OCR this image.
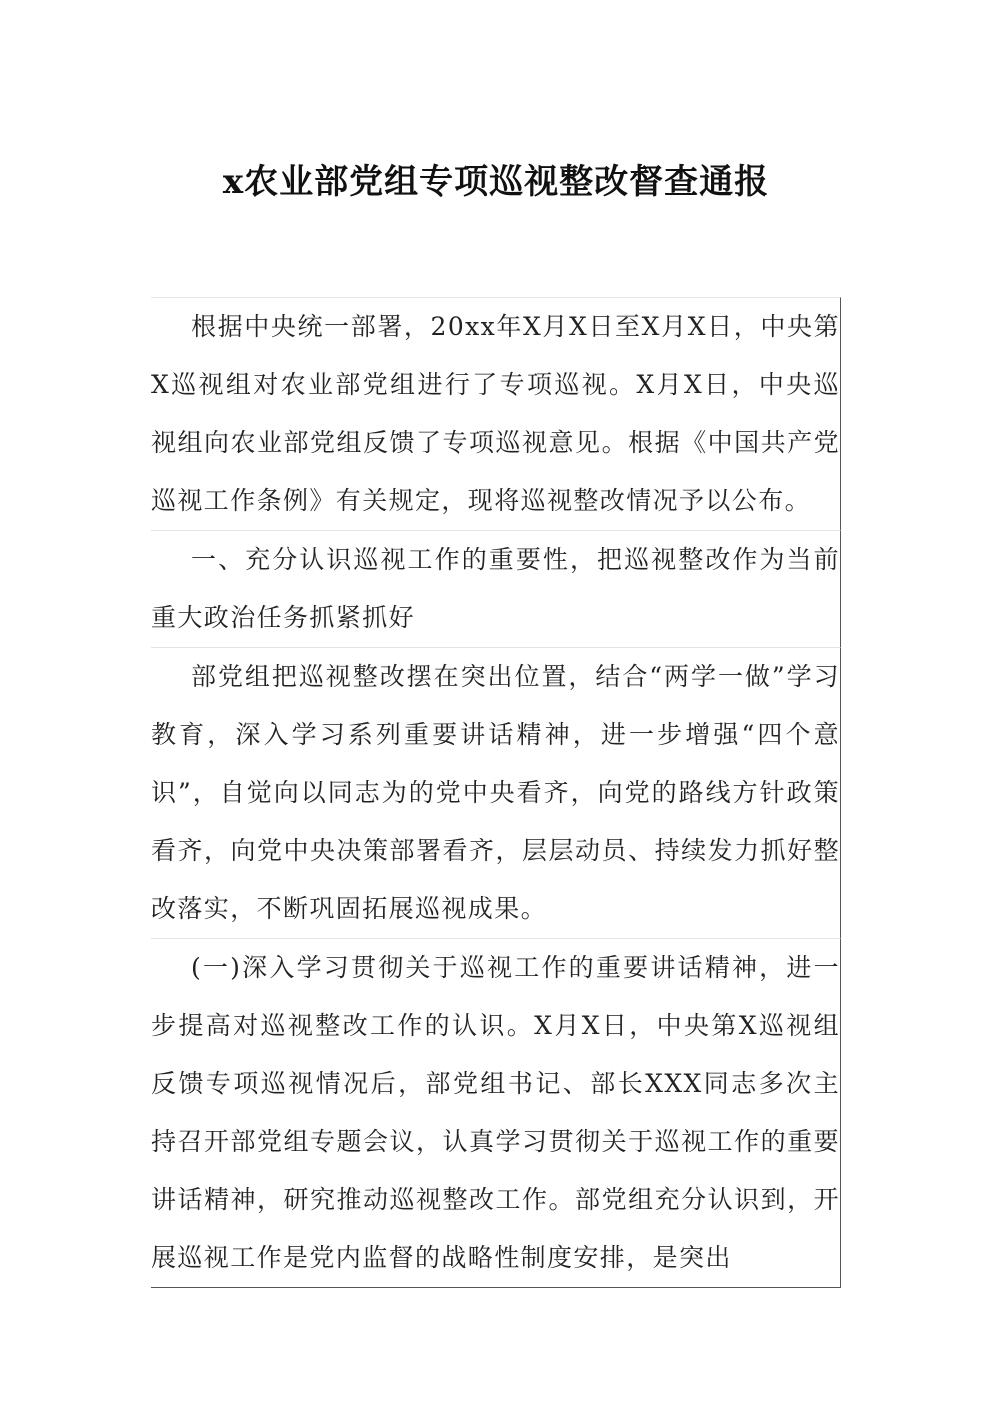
x农业部党组专项巡视整改督查通报

根据中央统一部署，20xx年X月X日至X月X日，中央第X巡视组对农业部党组进行了专项巡视。X月X日，中央巡视组向农业部党组反馈了专项巡视意见。根据《中国共产党巡视工作条例》有关规定，现将巡视整改情况予以公布。

一、充分认识巡视工作的重要性，把巡视整改作为当前重大政治任务抓紧抓好

部党组把巡视整改摆在突出位置，结合“两学一做”学习教育，深入学习系列重要讲话精神，进一步增强“四个意识”，自觉向以同志为的党中央看齐，向党的路线方针政策看齐，向党中央决策部署看齐，层层动员、持续发力抓好整改落实，不断巩固拓展巡视成果。

(一)深入学习贯彻关于巡视工作的重要讲话精神，进一步提高对巡视整改工作的认识。X月X日，中央第X巡视组反馈专项巡视情况后，部党组书记、部长XXX同志多次主持召开部党组专题会议，认真学习贯彻关于巡视工作的重要讲话精神，研究推动巡视整改工作。部党组充分认识到，开展巡视工作是党内监督的战略性制度安排，是突出
